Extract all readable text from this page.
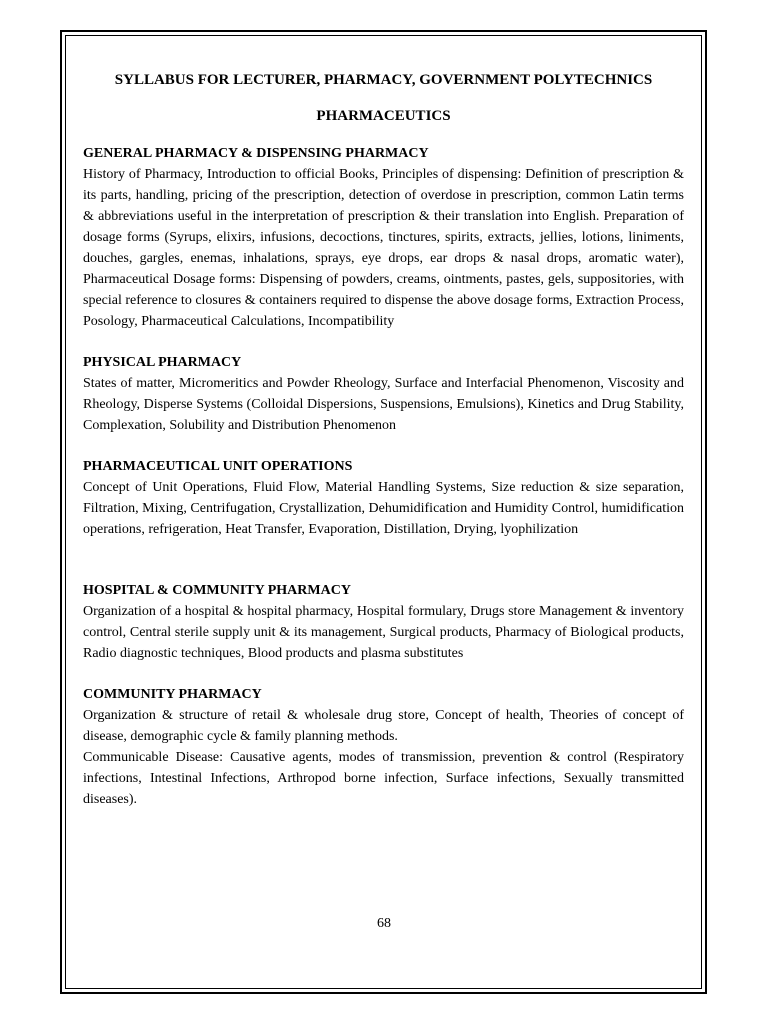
SYLLABUS FOR LECTURER, PHARMACY, GOVERNMENT POLYTECHNICS
PHARMACEUTICS
GENERAL PHARMACY & DISPENSING PHARMACY

History of Pharmacy, Introduction to official Books, Principles of dispensing: Definition of prescription & its parts, handling, pricing of the prescription, detection of overdose in prescription, common Latin terms & abbreviations useful in the interpretation of prescription & their translation into English. Preparation of dosage forms (Syrups, elixirs, infusions, decoctions, tinctures, spirits, extracts, jellies, lotions, liniments, douches, gargles, enemas, inhalations, sprays, eye drops, ear drops & nasal drops, aromatic water), Pharmaceutical Dosage forms: Dispensing of powders, creams, ointments, pastes, gels, suppositories, with special reference to closures & containers required to dispense the above dosage forms, Extraction Process, Posology, Pharmaceutical Calculations, Incompatibility

PHYSICAL PHARMACY

States of matter, Micromeritics and Powder Rheology, Surface and Interfacial Phenomenon, Viscosity and Rheology, Disperse Systems (Colloidal Dispersions, Suspensions, Emulsions), Kinetics and Drug Stability, Complexation, Solubility and Distribution Phenomenon

PHARMACEUTICAL UNIT OPERATIONS

Concept of Unit Operations, Fluid Flow, Material Handling Systems, Size reduction & size separation, Filtration, Mixing, Centrifugation, Crystallization, Dehumidification and Humidity Control, humidification operations, refrigeration, Heat Transfer, Evaporation, Distillation, Drying, lyophilization

HOSPITAL & COMMUNITY PHARMACY

Organization of a hospital & hospital pharmacy, Hospital formulary, Drugs store Management & inventory control, Central sterile supply unit & its management, Surgical products, Pharmacy of Biological products, Radio diagnostic techniques, Blood products and plasma substitutes

COMMUNITY PHARMACY

Organization & structure of retail & wholesale drug store, Concept of health, Theories of concept of disease, demographic cycle & family planning methods.

Communicable Disease: Causative agents, modes of transmission, prevention & control (Respiratory infections, Intestinal Infections, Arthropod borne infection, Surface infections, Sexually transmitted diseases).

68
